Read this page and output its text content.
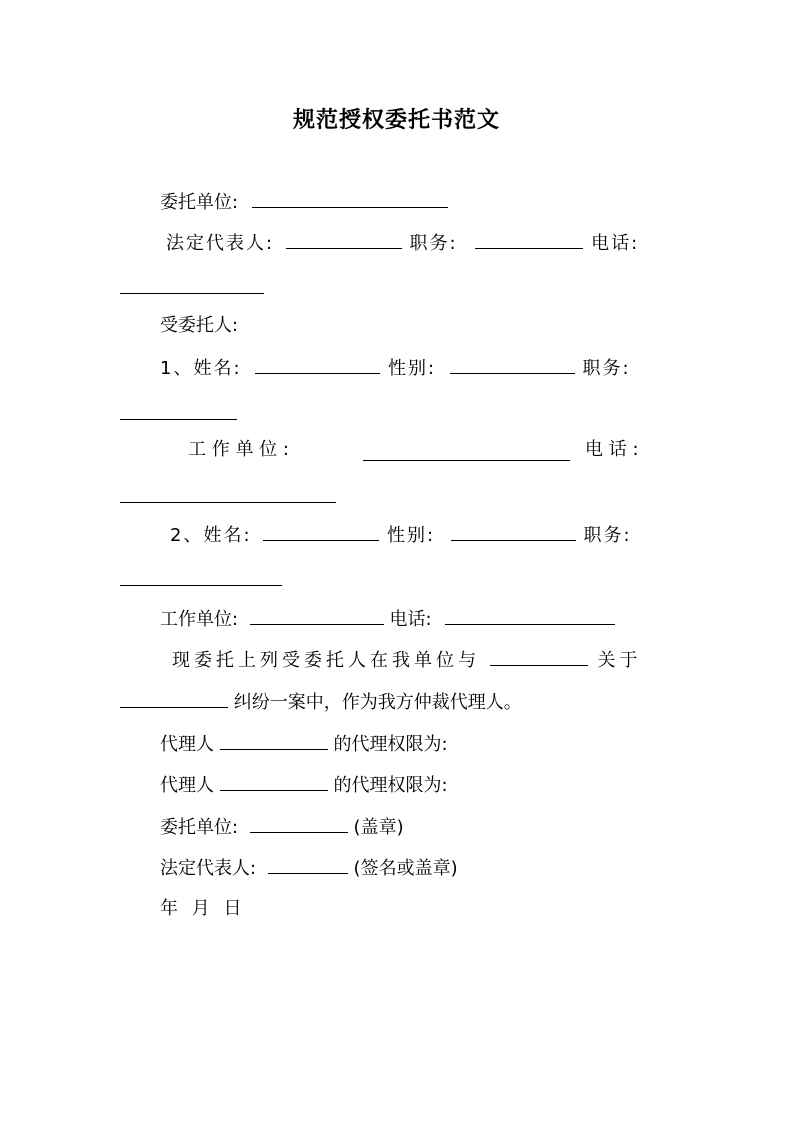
规范授权委托书范文
委托单位:
法定代表人:	职务:	电话:
受委托人:
1、姓名:	性别:	职务:
工 作 单 位 :	电 话 :
2、姓名:	性别:	职务:
工作单位:	电话:
现委托上列受委托人在我单位与	关于
纠纷一案中，作为我方仲裁代理人。
代理人	的代理权限为:
代理人	的代理权限为:
委托单位:	(盖章)
法定代表人:	(签名或盖章)
年 月 日
